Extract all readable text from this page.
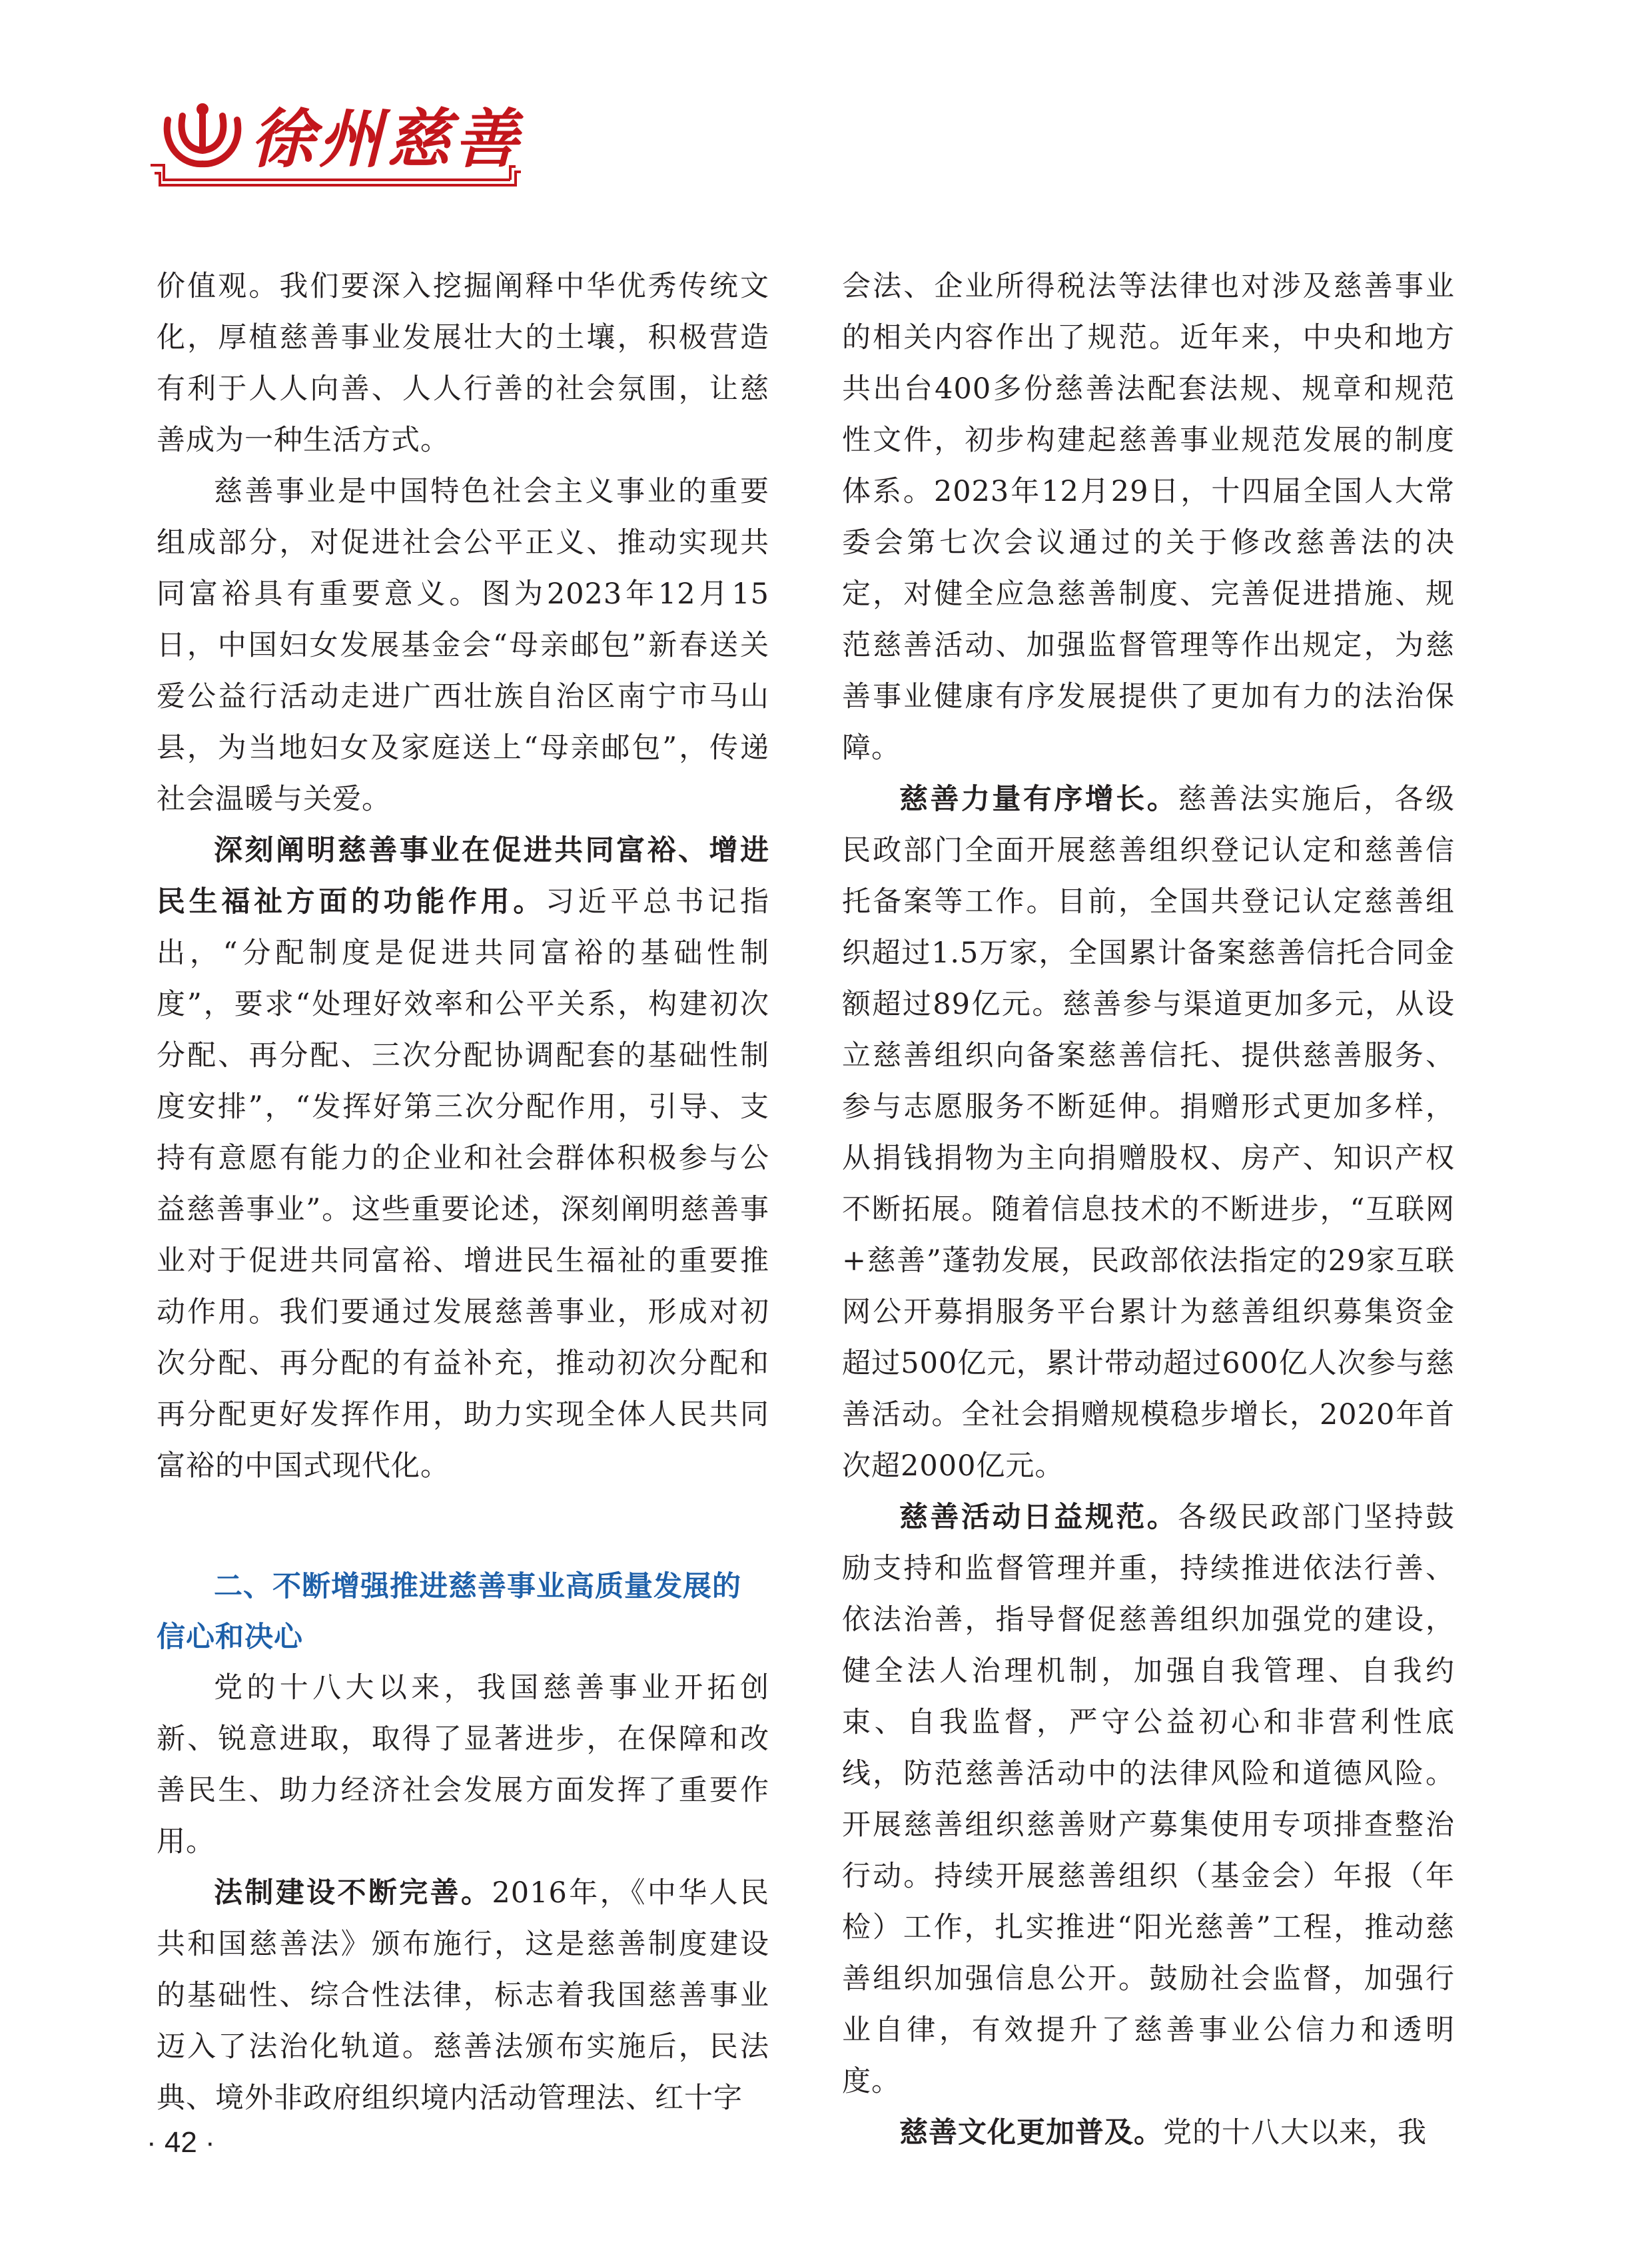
徐州慈善

价值观。我们要深入挖掘阐释中华优秀传统文化，厚植慈善事业发展壮大的土壤，积极营造有利于人人向善、人人行善的社会氛围，让慈善成为一种生活方式。

慈善事业是中国特色社会主义事业的重要组成部分，对促进社会公平正义、推动实现共同富裕具有重要意义。图为2023年12月15日，中国妇女发展基金会“母亲邮包”新春送关爱公益行活动走进广西壮族自治区南宁市马山县，为当地妇女及家庭送上“母亲邮包”，传递社会温暖与关爱。

深刻阐明慈善事业在促进共同富裕、增进民生福祉方面的功能作用。习近平总书记指出，“分配制度是促进共同富裕的基础性制度”，要求“处理好效率和公平关系，构建初次分配、再分配、三次分配协调配套的基础性制度安排”，“发挥好第三次分配作用，引导、支持有意愿有能力的企业和社会群体积极参与公益慈善事业”。这些重要论述，深刻阐明慈善事业对于促进共同富裕、增进民生福祉的重要推动作用。我们要通过发展慈善事业，形成对初次分配、再分配的有益补充，推动初次分配和再分配更好发挥作用，助力实现全体人民共同富裕的中国式现代化。

二、不断增强推进慈善事业高质量发展的信心和决心

党的十八大以来，我国慈善事业开拓创新、锐意进取，取得了显著进步，在保障和改善民生、助力经济社会发展方面发挥了重要作用。

法制建设不断完善。2016年，《中华人民共和国慈善法》颁布施行，这是慈善制度建设的基础性、综合性法律，标志着我国慈善事业迈入了法治化轨道。慈善法颁布实施后，民法典、境外非政府组织境内活动管理法、红十字

会法、企业所得税法等法律也对涉及慈善事业的相关内容作出了规范。近年来，中央和地方共出台400多份慈善法配套法规、规章和规范性文件，初步构建起慈善事业规范发展的制度体系。2023年12月29日，十四届全国人大常委会第七次会议通过的关于修改慈善法的决定，对健全应急慈善制度、完善促进措施、规范慈善活动、加强监督管理等作出规定，为慈善事业健康有序发展提供了更加有力的法治保障。

慈善力量有序增长。慈善法实施后，各级民政部门全面开展慈善组织登记认定和慈善信托备案等工作。目前，全国共登记认定慈善组织超过1.5万家，全国累计备案慈善信托合同金额超过89亿元。慈善参与渠道更加多元，从设立慈善组织向备案慈善信托、提供慈善服务、参与志愿服务不断延伸。捐赠形式更加多样，从捐钱捐物为主向捐赠股权、房产、知识产权不断拓展。随着信息技术的不断进步，“互联网+慈善”蓬勃发展，民政部依法指定的29家互联网公开募捐服务平台累计为慈善组织募集资金超过500亿元，累计带动超过600亿人次参与慈善活动。全社会捐赠规模稳步增长，2020年首次超2000亿元。

慈善活动日益规范。各级民政部门坚持鼓励支持和监督管理并重，持续推进依法行善、依法治善，指导督促慈善组织加强党的建设，健全法人治理机制，加强自我管理、自我约束、自我监督，严守公益初心和非营利性底线，防范慈善活动中的法律风险和道德风险。开展慈善组织慈善财产募集使用专项排查整治行动。持续开展慈善组织（基金会）年报（年检）工作，扎实推进“阳光慈善”工程，推动慈善组织加强信息公开。鼓励社会监督，加强行业自律，有效提升了慈善事业公信力和透明度。

慈善文化更加普及。党的十八大以来，我

· 42 ·
